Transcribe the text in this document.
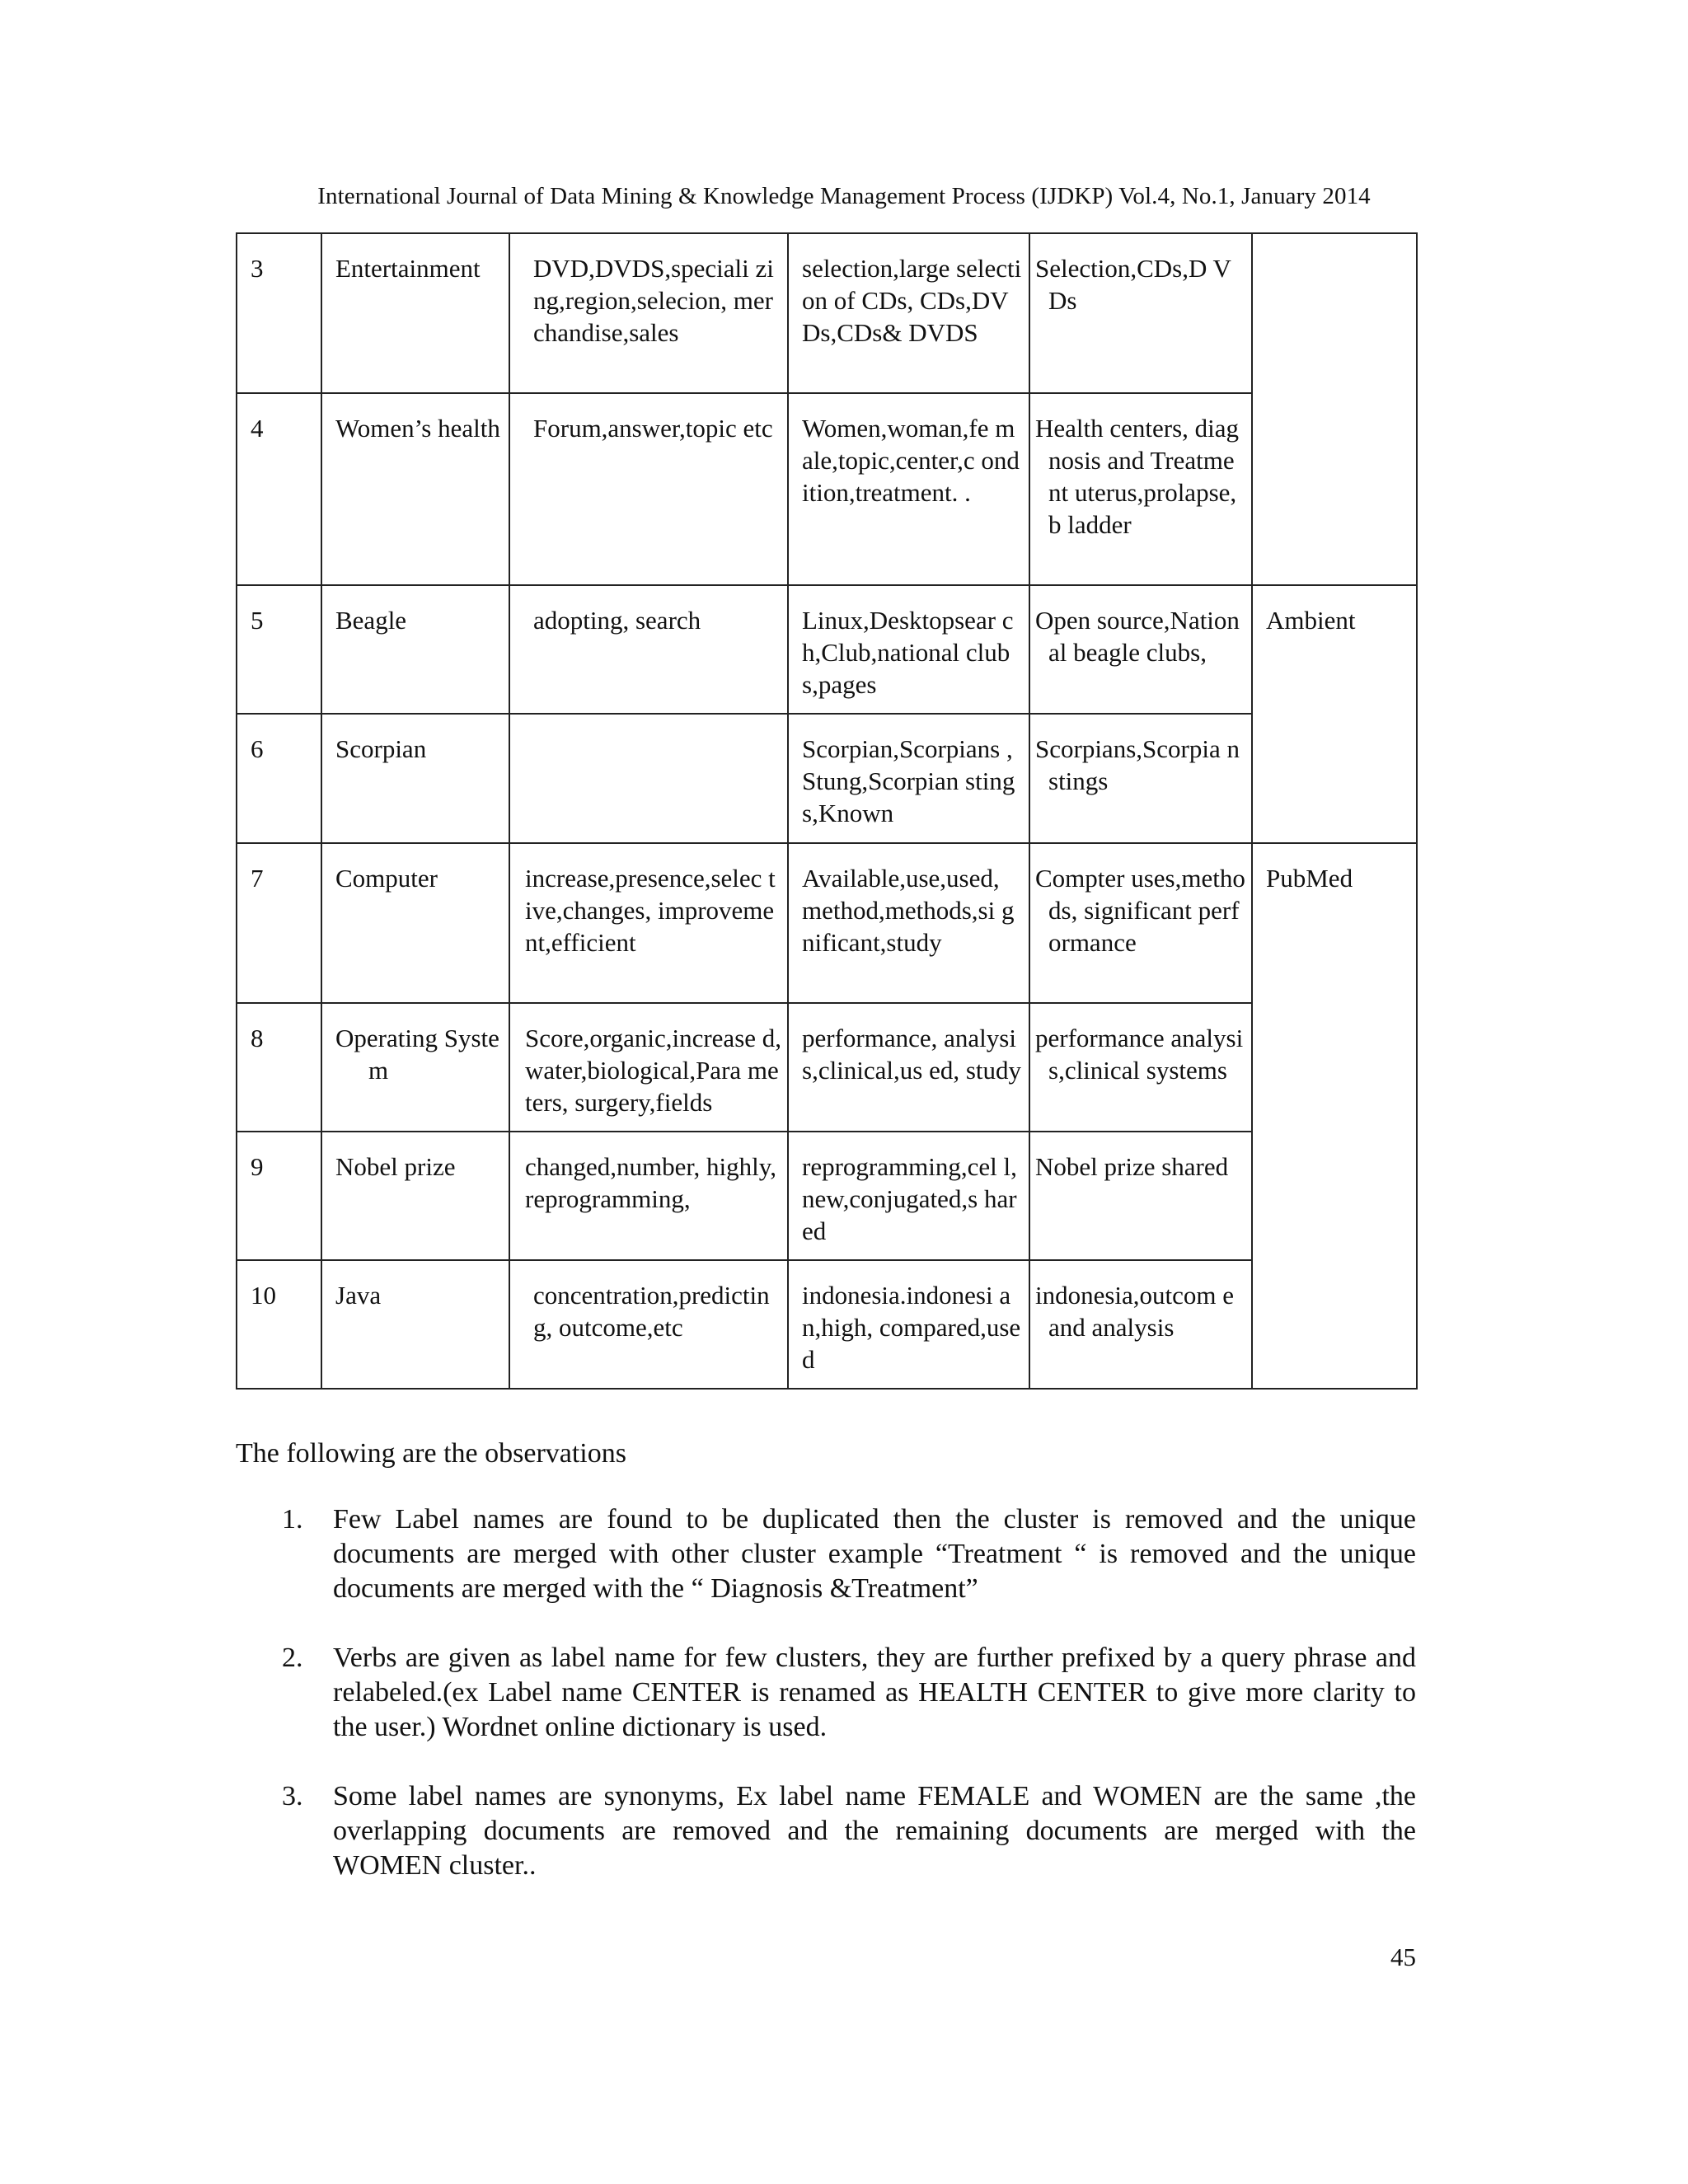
International Journal of Data Mining & Knowledge Management Process (IJDKP) Vol.4, No.1, January 2014
3	Entertainment	DVD,DVDS,speciali zing,region,selecion, merchandise,sales	selection,large selection of CDs, CDs,DVDs,CDs& DVDS	Selection,CDs,D VDs	

4	Women’s health	Forum,answer,topic etc	Women,woman,fe male,topic,center,c ondition,treatment. .	Health centers, diagnosis and Treatment uterus,prolapse,b ladder	

5	Beagle	adopting, search	Linux,Desktopsear ch,Club,national clubs,pages	Open source,National beagle clubs,	Ambient
6	Scorpian		Scorpian,Scorpians ,Stung,Scorpian stings,Known	Scorpians,Scorpia n stings	

7	Computer	increase,presence,selec tive,changes, improvement,efficient	Available,use,used, method,methods,si gnificant,study	Compter uses,methods, significant performance	PubMed
8	Operating System	Score,organic,increase d,water,biological,Para meters, surgery,fields	performance, analysis,clinical,us ed, study	performance analysis,clinical systems	

9	Nobel prize	changed,number, highly, reprogramming,	reprogramming,cel l,new,conjugated,s hared	Nobel prize shared	

10	Java	concentration,predictin g, outcome,etc	indonesia.indonesi an,high, compared,used	indonesia,outcom e and analysis	
The following are the observations
1. Few Label names are found to be duplicated then the cluster is removed and the unique documents are merged with other cluster example “Treatment “ is removed and the unique documents are merged with the “ Diagnosis &Treatment”
2. Verbs are given as label name for few clusters, they are further prefixed by a query phrase and relabeled.(ex Label name CENTER is renamed as HEALTH CENTER to give more clarity to the user.) Wordnet online dictionary is used.
3. Some label names are synonyms, Ex label name FEMALE and WOMEN are the same ,the overlapping documents are removed and the remaining documents are merged with the WOMEN cluster..
45
